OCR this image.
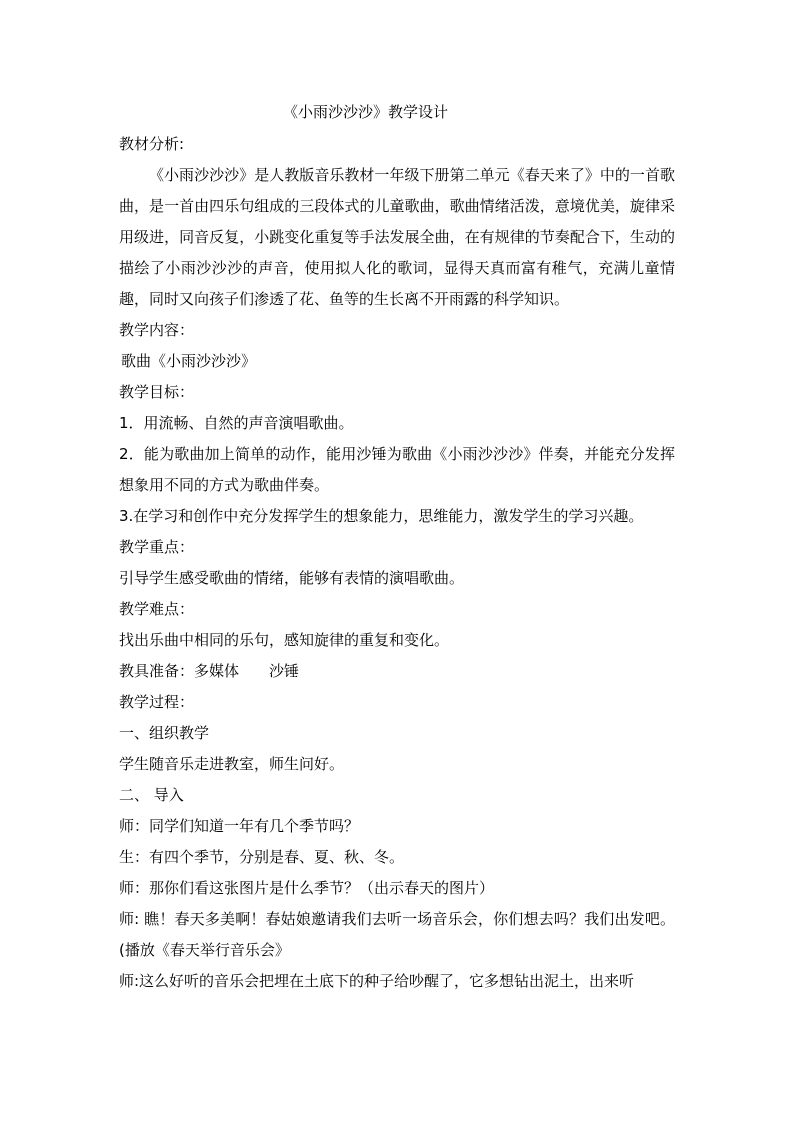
《小雨沙沙沙》教学设计
教材分析:

《小雨沙沙沙》是人教版音乐教材一年级下册第二单元《春天来了》中的一首歌曲，是一首由四乐句组成的三段体式的儿童歌曲，歌曲情绪活泼，意境优美，旋律采用级进，同音反复，小跳变化重复等手法发展全曲，在有规律的节奏配合下，生动的描绘了小雨沙沙沙的声音，使用拟人化的歌词，显得天真而富有稚气，充满儿童情趣，同时又向孩子们渗透了花、鱼等的生长离不开雨露的科学知识。

教学内容：
歌曲《小雨沙沙沙》
教学目标：
1．用流畅、自然的声音演唱歌曲。

2．能为歌曲加上简单的动作，能用沙锤为歌曲《小雨沙沙沙》伴奏，并能充分发挥想象用不同的方式为歌曲伴奏。

3.在学习和创作中充分发挥学生的想象能力，思维能力，激发学生的学习兴趣。
教学重点：
引导学生感受歌曲的情绪，能够有表情的演唱歌曲。
教学难点：
找出乐曲中相同的乐句，感知旋律的重复和变化。
教具准备：多媒体 沙锤
教学过程：
一、组织教学
学生随音乐走进教室，师生问好。
二、 导入
师：同学们知道一年有几个季节吗？
生：有四个季节，分别是春、夏、秋、冬。
师：那你们看这张图片是什么季节？（出示春天的图片）

师: 瞧！春天多美啊！春姑娘邀请我们去听一场音乐会，你们想去吗？我们出发吧。(播放《春天举行音乐会》

师:这么好听的音乐会把埋在土底下的种子给吵醒了，它多想钻出泥土，出来听
